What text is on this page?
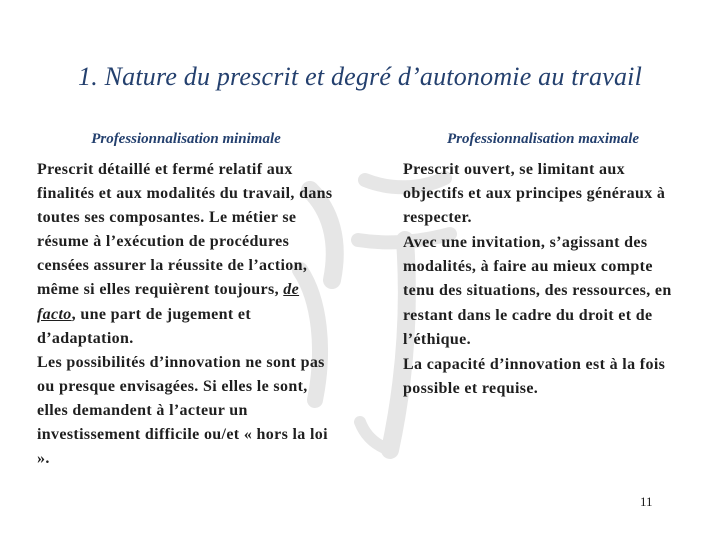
1. Nature du prescrit et degré d’autonomie au travail
Professionnalisation minimale	Professionnalisation maximale

Prescrit détaillé et fermé relatif aux finalités et aux modalités du travail, dans toutes ses composantes. Le métier se résume à l’exécution de procédures censées assurer la réussite de l’action, même si elles requièrent toujours, de facto, une part de jugement et d’adaptation.

Les possibilités d’innovation ne sont pas ou presque envisagées. Si elles le sont, elles demandent à l’acteur un investissement difficile ou/et « hors la loi ».

Prescrit ouvert, se limitant aux objectifs et aux principes généraux à respecter.

Avec une invitation, s’agissant des modalités, à faire au mieux compte tenu des situations, des ressources, en restant dans le cadre du droit et de l’éthique.

La capacité d’innovation est à la fois possible et requise.

11
